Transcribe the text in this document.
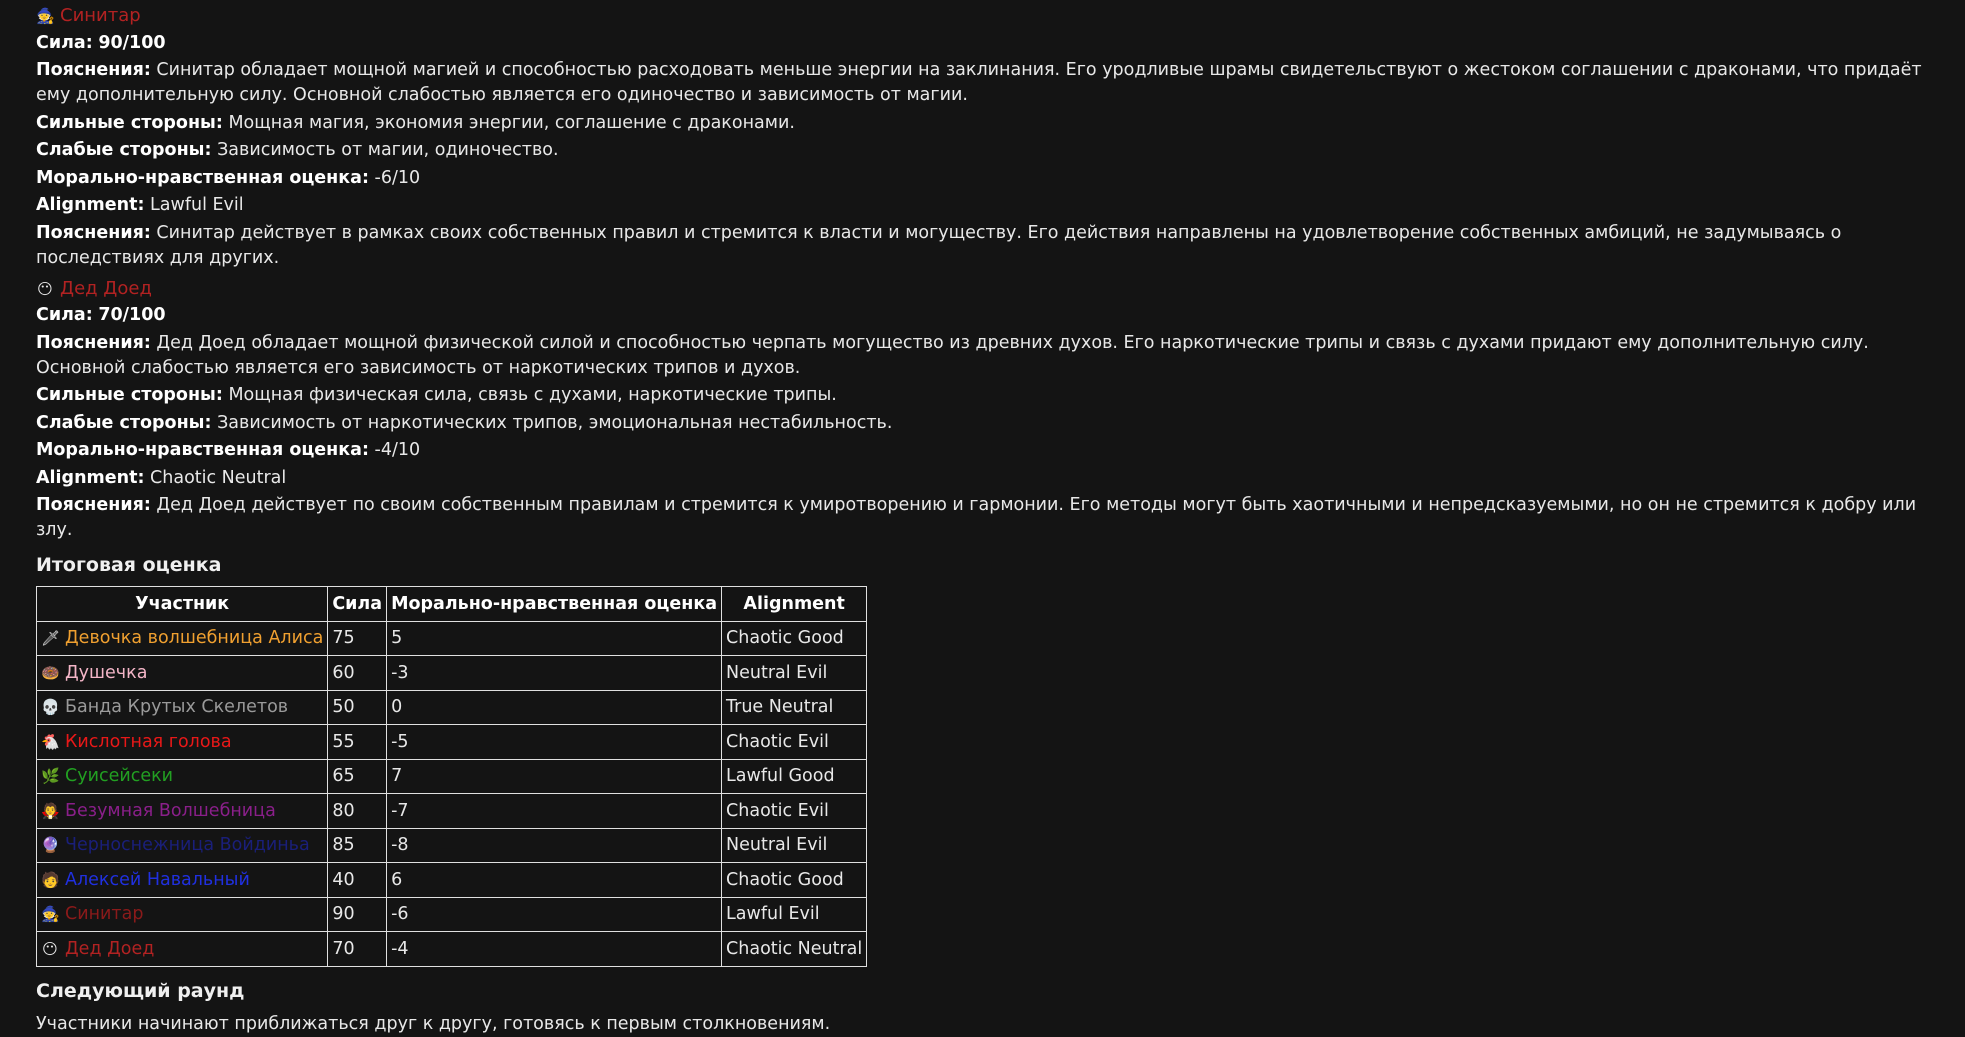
🧙 Синитар
Сила: 90/100
Пояснения: Синитар обладает мощной магией и способностью расходовать меньше энергии на заклинания. Его уродливые шрамы свидетельствуют о жестоком соглашении с драконами, что придаёт ему дополнительную силу. Основной слабостью является его одиночество и зависимость от магии.
Сильные стороны: Мощная магия, экономия энергии, соглашение с драконами.
Слабые стороны: Зависимость от магии, одиночество.
Морально-нравственная оценка: -6/10
Alignment: Lawful Evil
Пояснения: Синитар действует в рамках своих собственных правил и стремится к власти и могуществу. Его действия направлены на удовлетворение собственных амбиций, не задумываясь о последствиях для других.
😶 Дед Доед
Сила: 70/100
Пояснения: Дед Доед обладает мощной физической силой и способностью черпать могущество из древних духов. Его наркотические трипы и связь с духами придают ему дополнительную силу. Основной слабостью является его зависимость от наркотических трипов и духов.
Сильные стороны: Мощная физическая сила, связь с духами, наркотические трипы.
Слабые стороны: Зависимость от наркотических трипов, эмоциональная нестабильность.
Морально-нравственная оценка: -4/10
Alignment: Chaotic Neutral
Пояснения: Дед Доед действует по своим собственным правилам и стремится к умиротворению и гармонии. Его методы могут быть хаотичными и непредсказуемыми, но он не стремится к добру или злу.
Итоговая оценка
Участник	Сила	Морально-нравственная оценка	Alignment
🗡 Девочка волшебница Алиса	75	5	Chaotic Good
🍩 Душечка	60	-3	Neutral Evil
💀 Банда Крутых Скелетов	50	0	True Neutral
🐔 Кислотная голова	55	-5	Chaotic Evil
🌿 Суисейсеки	65	7	Lawful Good
🧛 Безумная Волшебница	80	-7	Chaotic Evil
🔮 Черноснежница Войдиньа	85	-8	Neutral Evil
🧑 Алексей Навальный	40	6	Chaotic Good
🧙 Синитар	90	-6	Lawful Evil
😶 Дед Доед	70	-4	Chaotic Neutral
Следующий раунд
Участники начинают приближаться друг к другу, готовясь к первым столкновениям.
